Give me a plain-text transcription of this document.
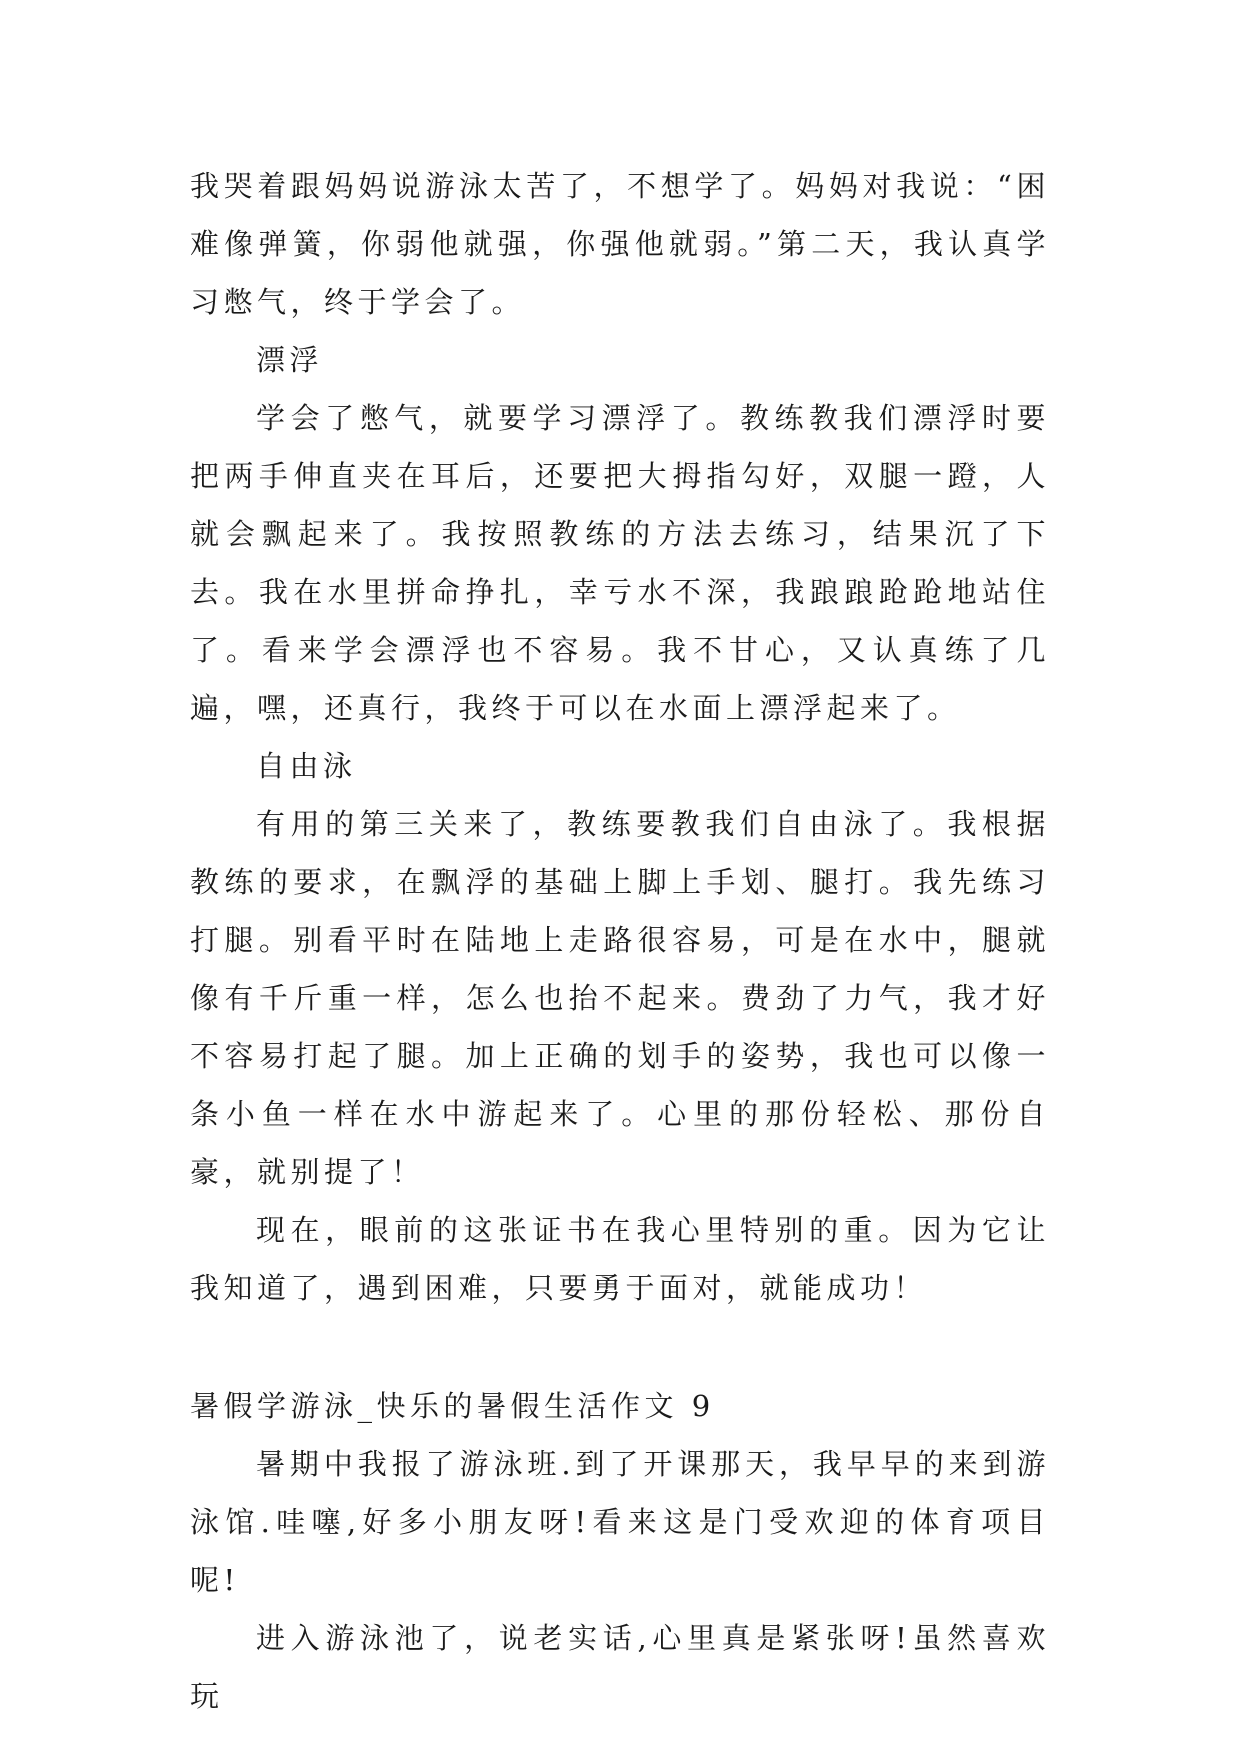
我哭着跟妈妈说游泳太苦了，不想学了。妈妈对我说：“困难像弹簧，你弱他就强，你强他就弱。”第二天，我认真学习憋气，终于学会了。

漂浮

学会了憋气，就要学习漂浮了。教练教我们漂浮时要把两手伸直夹在耳后，还要把大拇指勾好，双腿一蹬，人就会飘起来了。我按照教练的方法去练习，结果沉了下去。我在水里拼命挣扎，幸亏水不深，我踉踉跄跄地站住了。看来学会漂浮也不容易。我不甘心，又认真练了几遍，嘿，还真行，我终于可以在水面上漂浮起来了。

自由泳

有用的第三关来了，教练要教我们自由泳了。我根据教练的要求，在飘浮的基础上脚上手划、腿打。我先练习打腿。别看平时在陆地上走路很容易，可是在水中，腿就像有千斤重一样，怎么也抬不起来。费劲了力气，我才好不容易打起了腿。加上正确的划手的姿势，我也可以像一条小鱼一样在水中游起来了。心里的那份轻松、那份自豪，就别提了！

现在，眼前的这张证书在我心里特别的重。因为它让我知道了，遇到困难，只要勇于面对，就能成功！

暑假学游泳_快乐的暑假生活作文 9

暑期中我报了游泳班.到了开课那天，我早早的来到游泳馆.哇噻,好多小朋友呀!看来这是门受欢迎的体育项目呢!

进入游泳池了，说老实话,心里真是紧张呀!虽然喜欢玩
